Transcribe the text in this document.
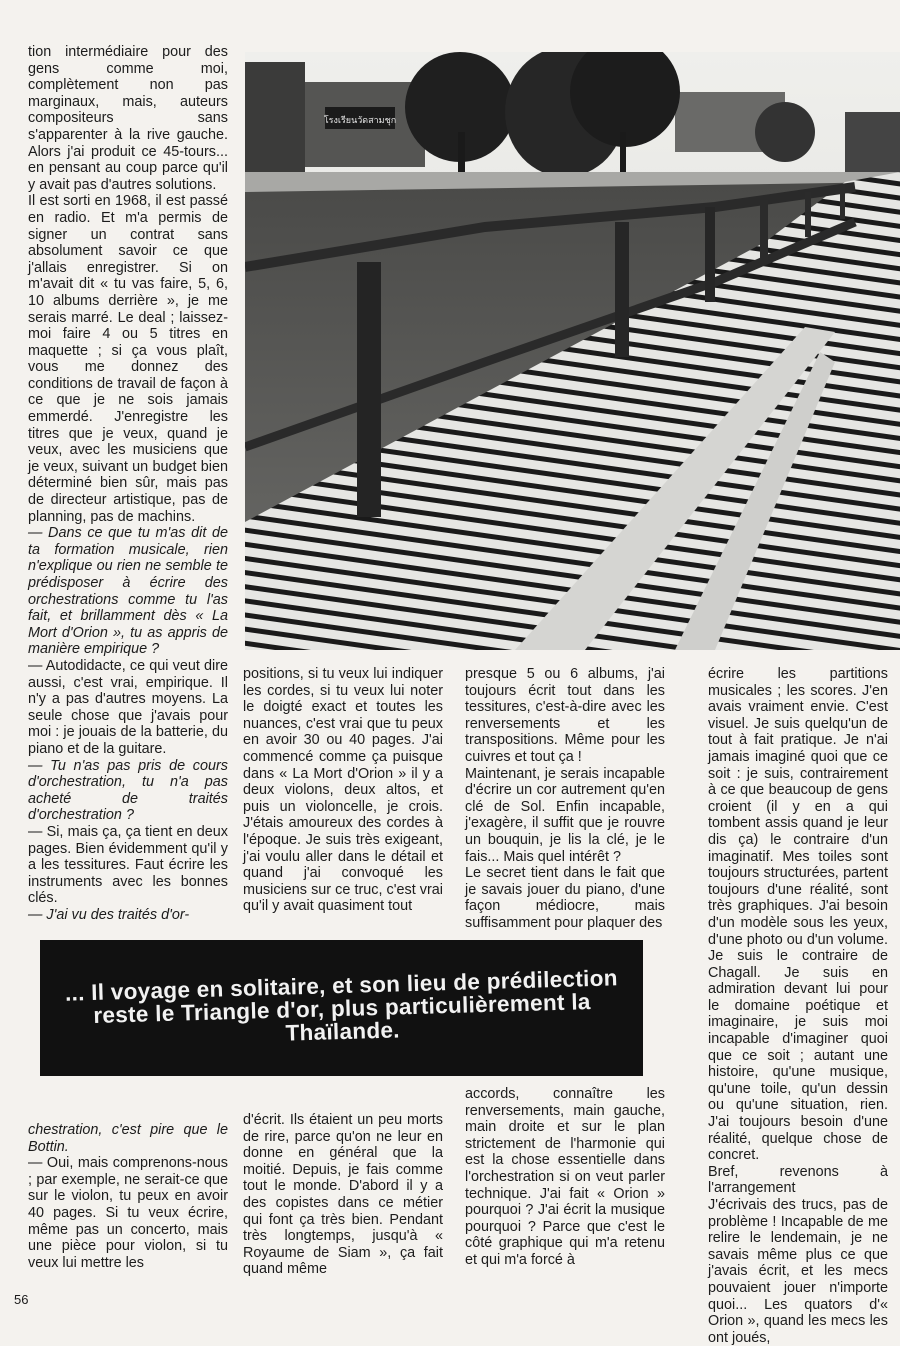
โรงเรียนวัดสามชุก

tion intermédiaire pour des gens comme moi, complètement non pas marginaux, mais, auteurs compositeurs sans s'apparenter à la rive gauche. Alors j'ai produit ce 45-tours... en pensant au coup parce qu'il y avait pas d'autres solutions.

Il est sorti en 1968, il est passé en radio. Et m'a permis de signer un contrat sans absolument savoir ce que j'allais enregistrer. Si on m'avait dit « tu vas faire, 5, 6, 10 albums derrière », je me serais marré. Le deal ; laissez-moi faire 4 ou 5 titres en maquette ; si ça vous plaît, vous me donnez des conditions de travail de façon à ce que je ne sois jamais emmerdé. J'enregistre les titres que je veux, quand je veux, avec les musiciens que je veux, suivant un budget bien déterminé bien sûr, mais pas de directeur artistique, pas de planning, pas de machins.

— Dans ce que tu m'as dit de ta formation musicale, rien n'explique ou rien ne semble te prédisposer à écrire des orchestrations comme tu l'as fait, et brillamment dès « La Mort d'Orion », tu as appris de manière empirique ?

— Autodidacte, ce qui veut dire aussi, c'est vrai, empirique. Il n'y a pas d'autres moyens. La seule chose que j'avais pour moi : je jouais de la batterie, du piano et de la guitare.

— Tu n'as pas pris de cours d'orchestration, tu n'a pas acheté de traités d'orchestration ?

— Si, mais ça, ça tient en deux pages. Bien évidemment qu'il y a les tessitures. Faut écrire les instruments avec les bonnes clés.

— J'ai vu des traités d'or-

positions, si tu veux lui indiquer les cordes, si tu veux lui noter le doigté exact et toutes les nuances, c'est vrai que tu peux en avoir 30 ou 40 pages. J'ai commencé comme ça puisque dans « La Mort d'Orion » il y a deux violons, deux altos, et puis un violoncelle, je crois. J'étais amoureux des cordes à l'époque. Je suis très exigeant, j'ai voulu aller dans le détail et quand j'ai convoqué les musiciens sur ce truc, c'est vrai qu'il y avait quasiment tout

presque 5 ou 6 albums, j'ai toujours écrit tout dans les tessitures, c'est-à-dire avec les renversements et les transpositions. Même pour les cuivres et tout ça !

Maintenant, je serais incapable d'écrire un cor autrement qu'en clé de Sol. Enfin incapable, j'exagère, il suffit que je rouvre un bouquin, je lis la clé, je le fais... Mais quel intérêt ?

Le secret tient dans le fait que je savais jouer du piano, d'une façon médiocre, mais suffisamment pour plaquer des

écrire les partitions musicales ; les scores. J'en avais vraiment envie. C'est visuel. Je suis quelqu'un de tout à fait pratique. Je n'ai jamais imaginé quoi que ce soit : je suis, contrairement à ce que beaucoup de gens croient (il y en a qui tombent assis quand je leur dis ça) le contraire d'un imaginatif. Mes toiles sont toujours structurées, partent toujours d'une réalité, sont très graphiques. J'ai besoin d'un modèle sous les yeux, d'une photo ou d'un volume. Je suis le contraire de Chagall. Je suis en admiration devant lui pour le domaine poétique et imaginaire, je suis moi incapable d'imaginer quoi que ce soit ; autant une histoire, qu'une musique, qu'une toile, qu'un dessin ou qu'une situation, rien. J'ai toujours besoin d'une réalité, quelque chose de concret.

Bref, revenons à l'arrangement

J'écrivais des trucs, pas de problème ! Incapable de me relire le lendemain, je ne savais même plus ce que j'avais écrit, et les mecs pouvaient jouer n'importe quoi... Les quators d'« Orion », quand les mecs les ont joués,

... Il voyage en solitaire, et son lieu de prédilection reste le Triangle d'or, plus particulièrement la Thaïlande.

chestration, c'est pire que le Bottin.

— Oui, mais comprenons-nous ; par exemple, ne serait-ce que sur le violon, tu peux en avoir 40 pages. Si tu veux écrire, même pas un concerto, mais une pièce pour violon, si tu veux lui mettre les

d'écrit. Ils étaient un peu morts de rire, parce qu'on ne leur en donne en général que la moitié. Depuis, je fais comme tout le monde. D'abord il y a des copistes dans ce métier qui font ça très bien. Pendant très longtemps, jusqu'à « Royaume de Siam », ça fait quand même

accords, connaître les renversements, main gauche, main droite et sur le plan strictement de l'harmonie qui est la chose essentielle dans l'orchestration si on veut parler technique. J'ai fait « Orion » pourquoi ? J'ai écrit la musique pourquoi ? Parce que c'est le côté graphique qui m'a retenu et qui m'a forcé à

56
